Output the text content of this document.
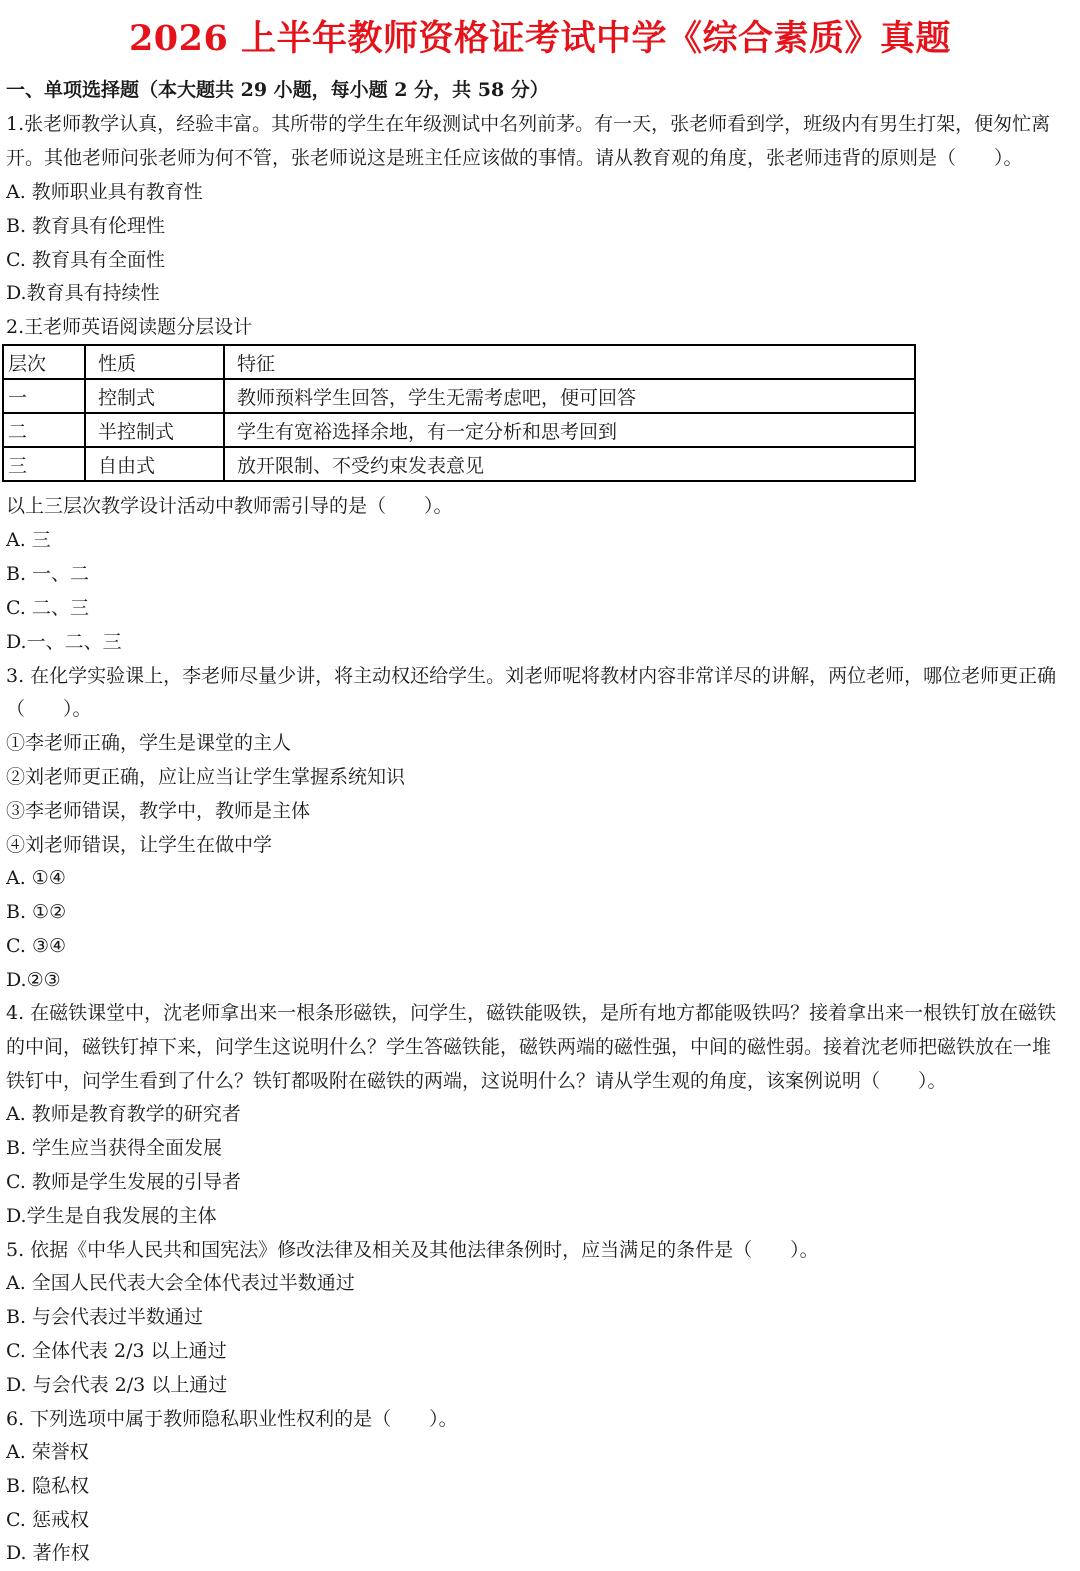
2026 上半年教师资格证考试中学《综合素质》真题
一、单项选择题（本大题共 29 小题，每小题 2 分，共 58 分）
1.张老师教学认真，经验丰富。其所带的学生在年级测试中名列前茅。有一天，张老师看到学，班级内有男生打架，便匆忙离
开。其他老师问张老师为何不管，张老师说这是班主任应该做的事情。请从教育观的角度，张老师违背的原则是（　　）。
A. 教师职业具有教育性
B. 教育具有伦理性
C. 教育具有全面性
D.教育具有持续性
2.王老师英语阅读题分层设计
层次	性质	特征
一	控制式	教师预料学生回答，学生无需考虑吧，便可回答
二	半控制式	学生有宽裕选择余地，有一定分析和思考回到
三	自由式	放开限制、不受约束发表意见
以上三层次教学设计活动中教师需引导的是（　　）。
A. 三
B. 一、二
C. 二、三
D.一、二、三
3. 在化学实验课上，李老师尽量少讲，将主动权还给学生。刘老师呢将教材内容非常详尽的讲解，两位老师，哪位老师更正确
（　　）。
①李老师正确，学生是课堂的主人
②刘老师更正确，应让应当让学生掌握系统知识
③李老师错误，教学中，教师是主体
④刘老师错误，让学生在做中学
A. ①④
B. ①②
C. ③④
D.②③
4. 在磁铁课堂中，沈老师拿出来一根条形磁铁，问学生，磁铁能吸铁，是所有地方都能吸铁吗？接着拿出来一根铁钉放在磁铁
的中间，磁铁钉掉下来，问学生这说明什么？学生答磁铁能，磁铁两端的磁性强，中间的磁性弱。接着沈老师把磁铁放在一堆
铁钉中，问学生看到了什么？铁钉都吸附在磁铁的两端，这说明什么？请从学生观的角度，该案例说明（　　）。
A. 教师是教育教学的研究者
B. 学生应当获得全面发展
C. 教师是学生发展的引导者
D.学生是自我发展的主体
5. 依据《中华人民共和国宪法》修改法律及相关及其他法律条例时，应当满足的条件是（　　）。
A. 全国人民代表大会全体代表过半数通过
B. 与会代表过半数通过
C. 全体代表 2/3 以上通过
D. 与会代表 2/3 以上通过
6. 下列选项中属于教师隐私职业性权利的是（　　）。
A. 荣誉权
B. 隐私权
C. 惩戒权
D. 著作权
